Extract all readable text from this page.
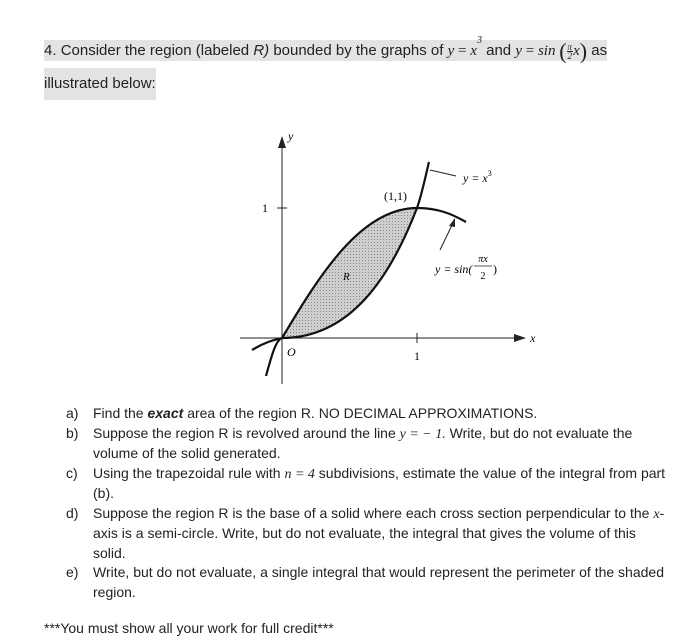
4. Consider the region (labeled R) bounded by the graphs of $y = x^3$ and y = sin ( $\frac{\pi}{2} x$) as
illustrated below:
y
x
1
1
O
R
(1,1)
$y = x^3$
y = sin(
πx
2
)
a) Find the exact area of the region R. NO DECIMAL APPROXIMATIONS.
b) Suppose the region R is revolved around the line y = − 1. Write, but do not evaluate the volume of the solid generated.
c) Using the trapezoidal rule with n = 4 subdivisions, estimate the value of the integral from part (b).
d) Suppose the region R is the base of a solid where each cross section perpendicular to the x-axis is a semi-circle. Write, but do not evaluate, the integral that gives the volume of this solid.
e) Write, but do not evaluate, a single integral that would represent the perimeter of the shaded region.
***You must show all your work for full credit***
